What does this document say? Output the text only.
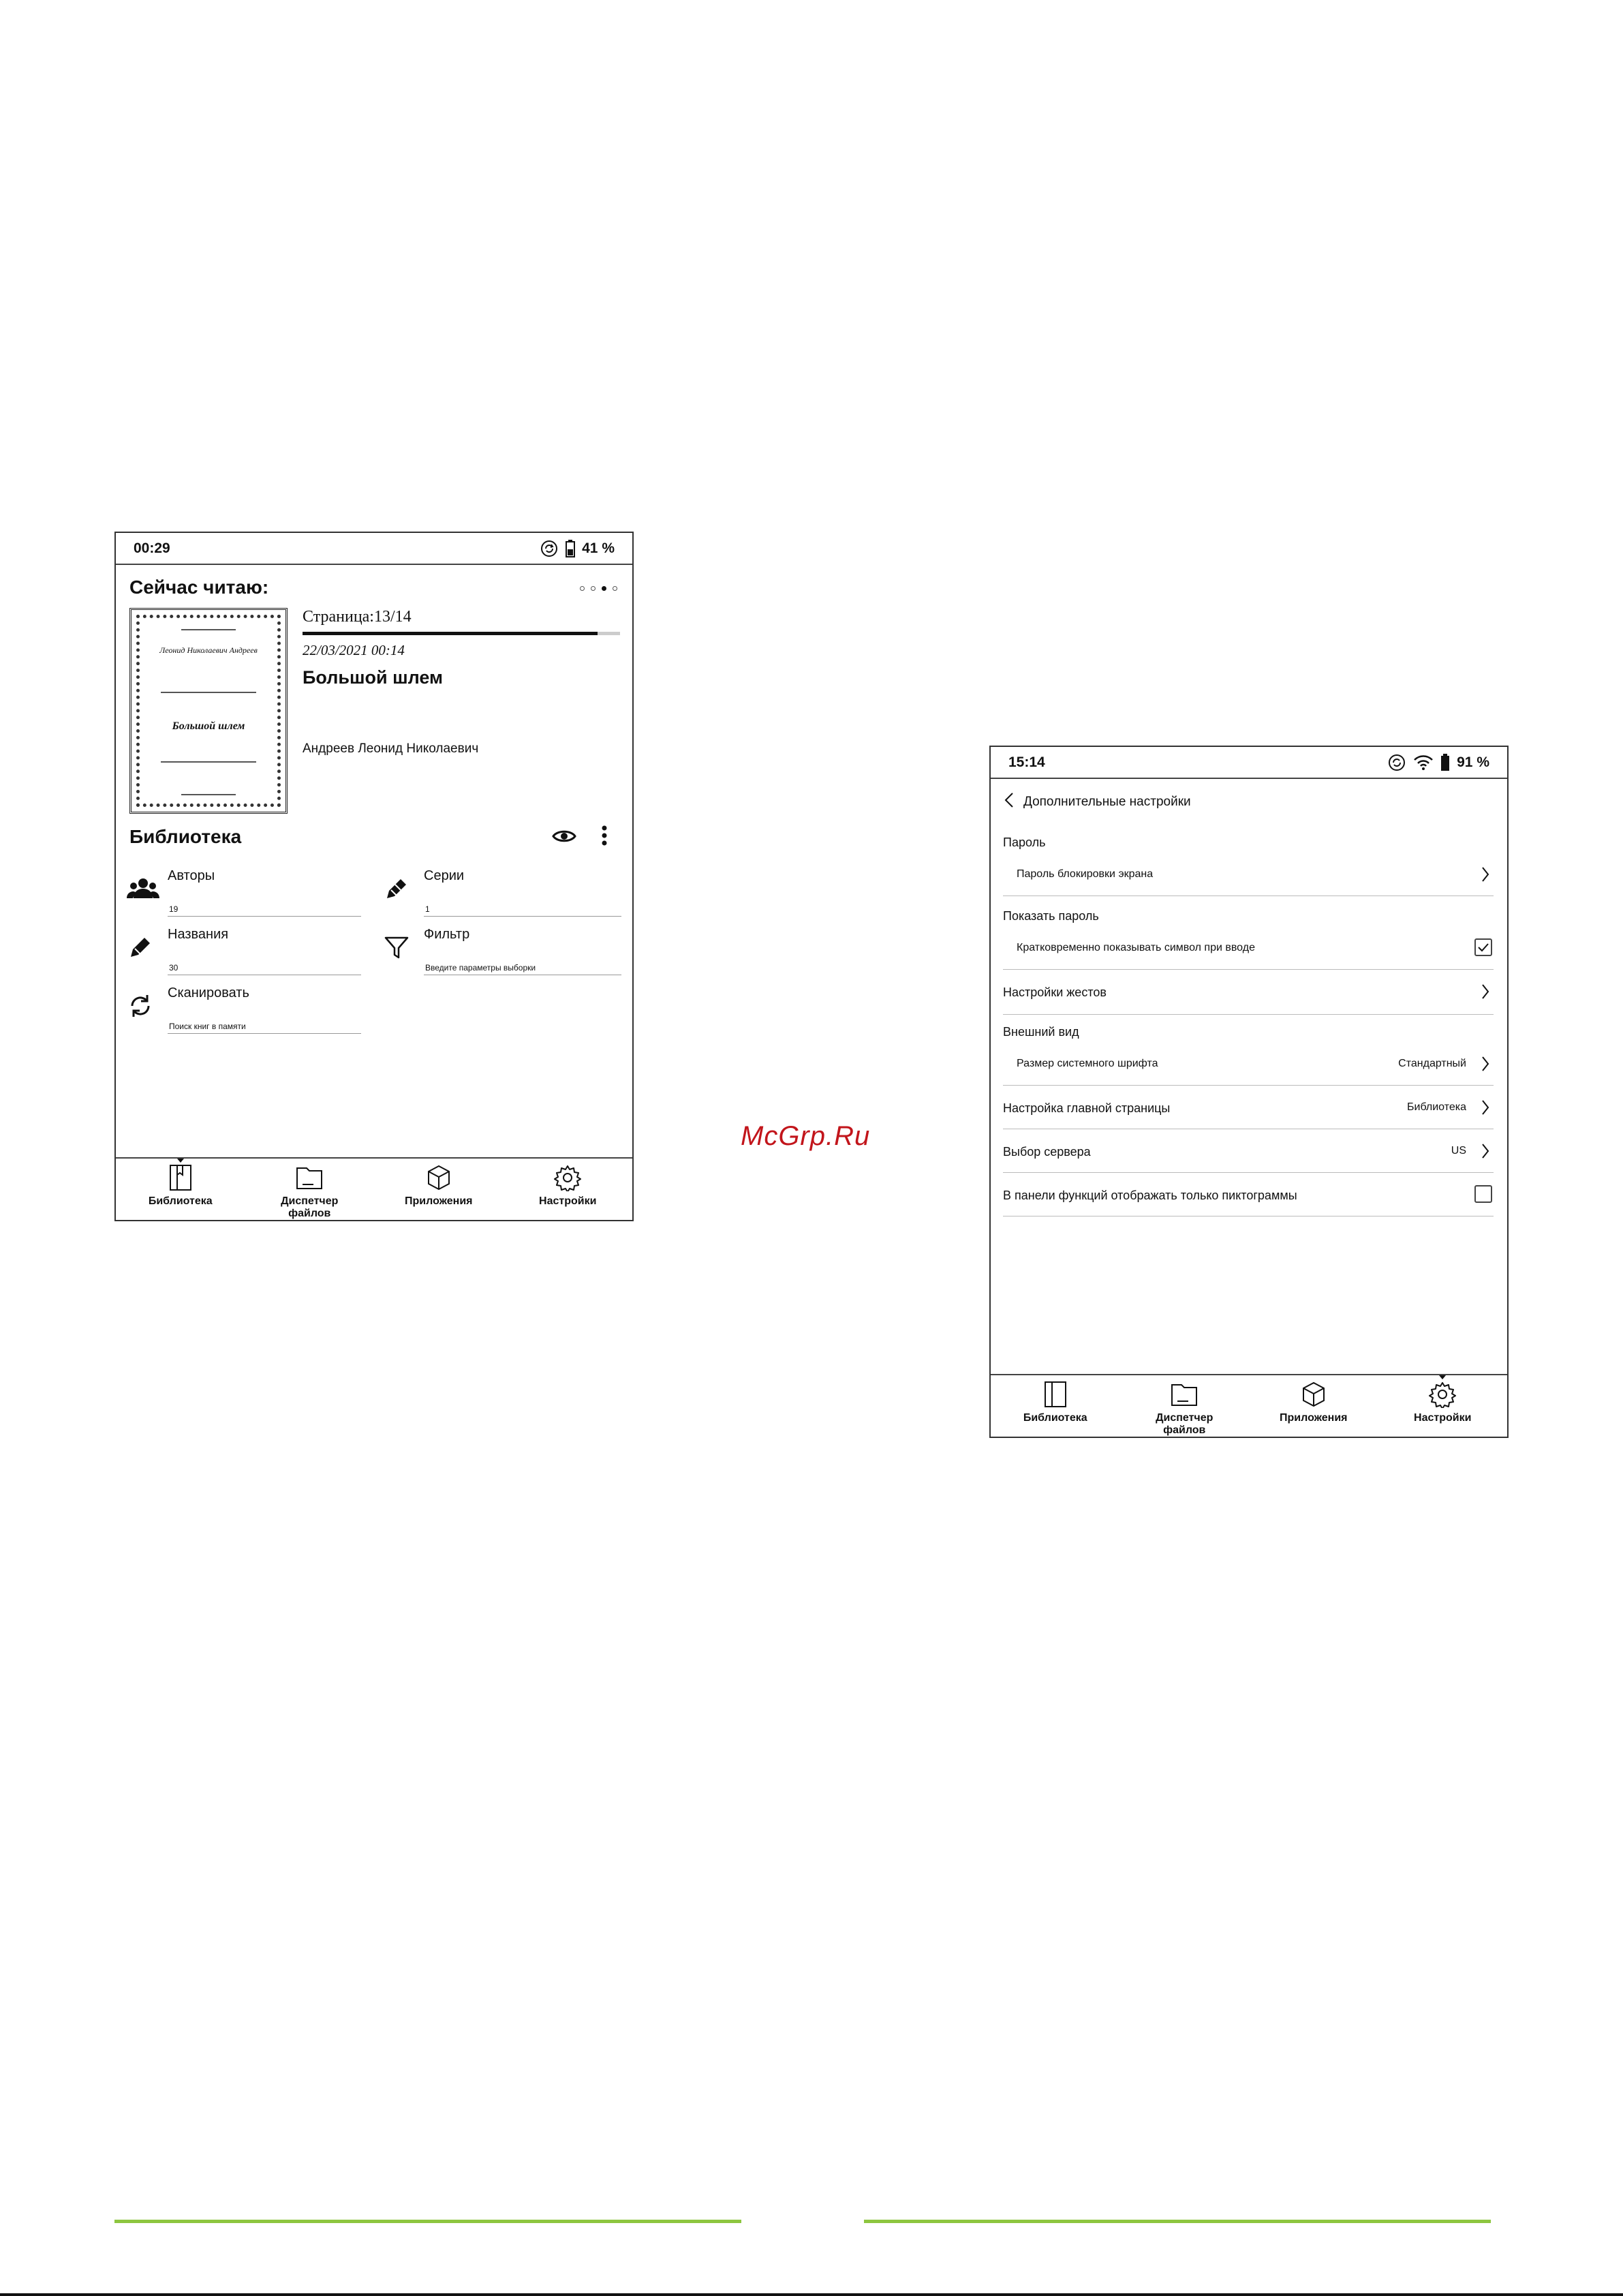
00:29	41 %
Сейчас читаю:
Леонид Николаевич Андреев
Большой шлем
Страница:13/14
22/03/2021 00:14
Большой шлем
Андреев Леонид Николаевич
Библиотека
Авторы
19
Серии
1
Названия
30
Фильтр
Введите параметры выборки
Сканировать
Поиск книг в памяти
Библиотека	Диспетчер
файлов
Приложения	Настройки
McGrp.Ru
15:14	91 %
Дополнительные настройки
Пароль
Пароль блокировки экрана
Показать пароль
Кратковременно показывать символ при вводе
Настройки жестов
Внешний вид
Размер системного шрифта	Стандартный
Настройка главной страницы	Библиотека
Выбор сервера	US
В панели функций отображать только пиктограммы
Библиотека	Диспетчер
файлов
Приложения	Настройки
